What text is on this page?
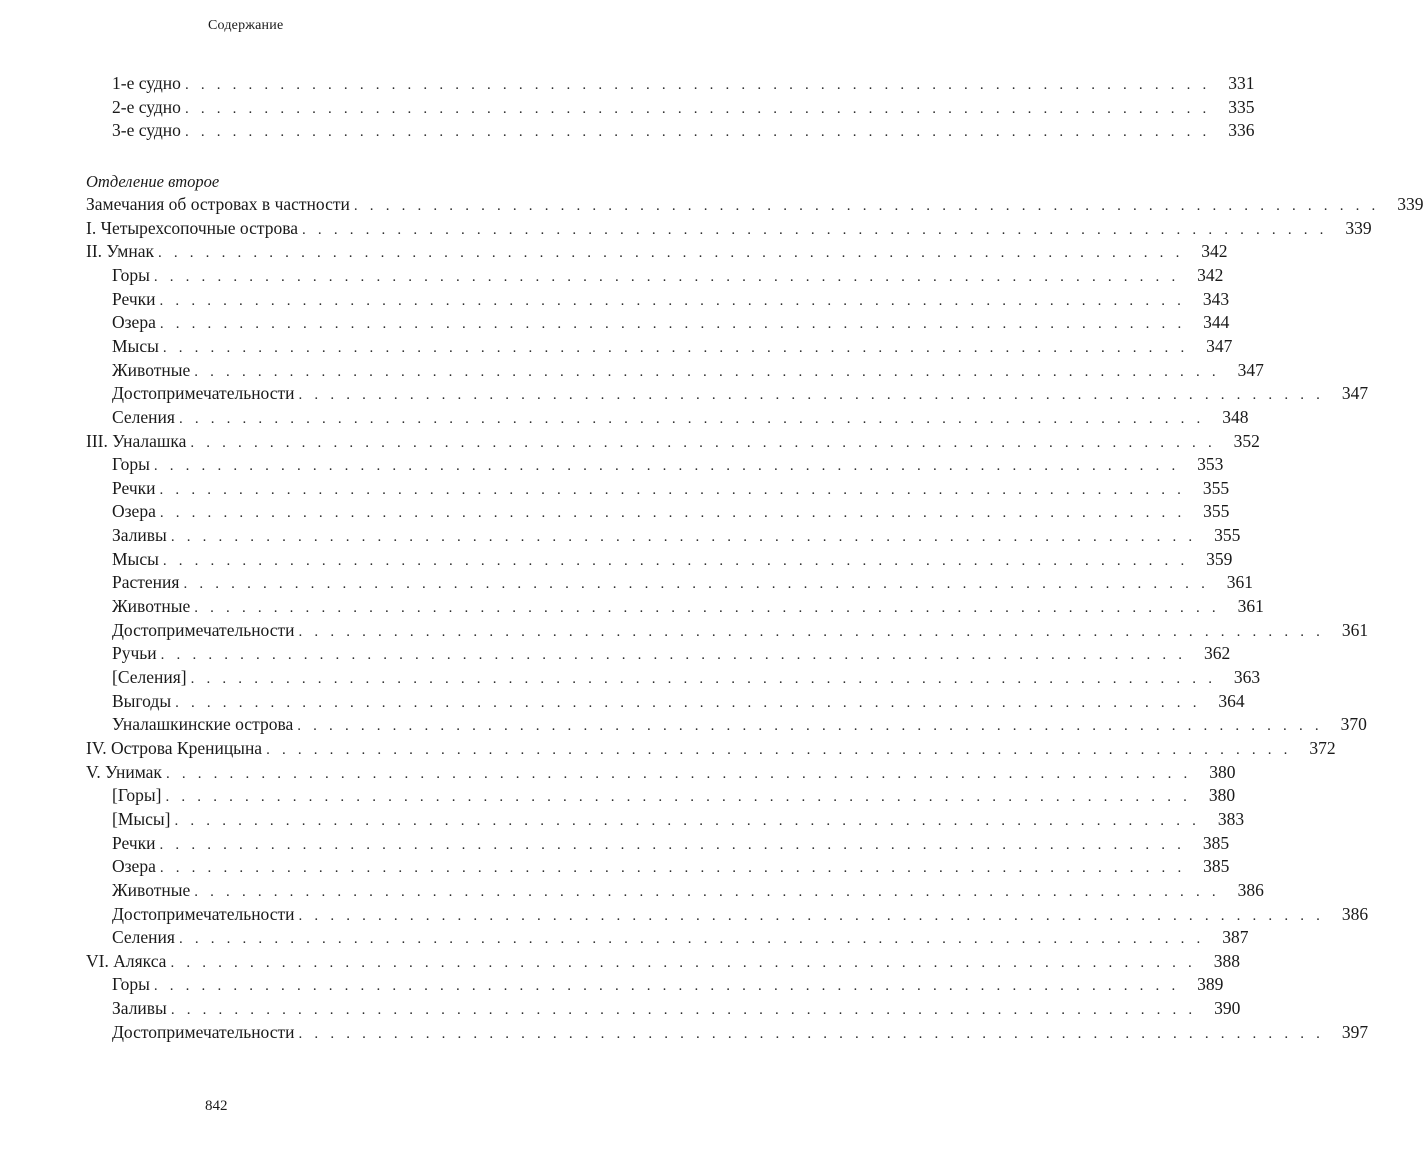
Содержание
1-е судно . . . . . . . . . . . . . . . . . . . . . . . . . . . . . . . . . . . . . . . . . . . . . . . . . . . . . . . . . . . . . . . . .	331
2-е судно . . . . . . . . . . . . . . . . . . . . . . . . . . . . . . . . . . . . . . . . . . . . . . . . . . . . . . . . . . . . . . . . .	335
3-е судно . . . . . . . . . . . . . . . . . . . . . . . . . . . . . . . . . . . . . . . . . . . . . . . . . . . . . . . . . . . . . . . . .	336
Замечания об островах в частности . . . . . . . . . . . . . . . . . . . . . . . . . . . . . . . . . . . . . . . . . . . . . . . . . . . . . . . . . . . . . . . . .	339
I. Четырехсопочные острова . . . . . . . . . . . . . . . . . . . . . . . . . . . . . . . . . . . . . . . . . . . . . . . . . . . . . . . . . . . . . . . . .	339
II. Умнак . . . . . . . . . . . . . . . . . . . . . . . . . . . . . . . . . . . . . . . . . . . . . . . . . . . . . . . . . . . . . . . . .	342
Горы . . . . . . . . . . . . . . . . . . . . . . . . . . . . . . . . . . . . . . . . . . . . . . . . . . . . . . . . . . . . . . . . .	342
Речки . . . . . . . . . . . . . . . . . . . . . . . . . . . . . . . . . . . . . . . . . . . . . . . . . . . . . . . . . . . . . . . . .	343
Озера . . . . . . . . . . . . . . . . . . . . . . . . . . . . . . . . . . . . . . . . . . . . . . . . . . . . . . . . . . . . . . . . .	344
Мысы . . . . . . . . . . . . . . . . . . . . . . . . . . . . . . . . . . . . . . . . . . . . . . . . . . . . . . . . . . . . . . . . .	347
Животные . . . . . . . . . . . . . . . . . . . . . . . . . . . . . . . . . . . . . . . . . . . . . . . . . . . . . . . . . . . . . . . . .	347
Достопримечательности . . . . . . . . . . . . . . . . . . . . . . . . . . . . . . . . . . . . . . . . . . . . . . . . . . . . . . . . . . . . . . . . .	347
Селения . . . . . . . . . . . . . . . . . . . . . . . . . . . . . . . . . . . . . . . . . . . . . . . . . . . . . . . . . . . . . . . . .	348
III. Уналашка . . . . . . . . . . . . . . . . . . . . . . . . . . . . . . . . . . . . . . . . . . . . . . . . . . . . . . . . . . . . . . . . .	352
Горы . . . . . . . . . . . . . . . . . . . . . . . . . . . . . . . . . . . . . . . . . . . . . . . . . . . . . . . . . . . . . . . . .	353
Речки . . . . . . . . . . . . . . . . . . . . . . . . . . . . . . . . . . . . . . . . . . . . . . . . . . . . . . . . . . . . . . . . .	355
Озера . . . . . . . . . . . . . . . . . . . . . . . . . . . . . . . . . . . . . . . . . . . . . . . . . . . . . . . . . . . . . . . . .	355
Заливы . . . . . . . . . . . . . . . . . . . . . . . . . . . . . . . . . . . . . . . . . . . . . . . . . . . . . . . . . . . . . . . . .	355
Мысы . . . . . . . . . . . . . . . . . . . . . . . . . . . . . . . . . . . . . . . . . . . . . . . . . . . . . . . . . . . . . . . . .	359
Растения . . . . . . . . . . . . . . . . . . . . . . . . . . . . . . . . . . . . . . . . . . . . . . . . . . . . . . . . . . . . . . . . .	361
Животные . . . . . . . . . . . . . . . . . . . . . . . . . . . . . . . . . . . . . . . . . . . . . . . . . . . . . . . . . . . . . . . . .	361
Достопримечательности . . . . . . . . . . . . . . . . . . . . . . . . . . . . . . . . . . . . . . . . . . . . . . . . . . . . . . . . . . . . . . . . .	361
Ручьи . . . . . . . . . . . . . . . . . . . . . . . . . . . . . . . . . . . . . . . . . . . . . . . . . . . . . . . . . . . . . . . . .	362
[Селения] . . . . . . . . . . . . . . . . . . . . . . . . . . . . . . . . . . . . . . . . . . . . . . . . . . . . . . . . . . . . . . . . .	363
Выгоды . . . . . . . . . . . . . . . . . . . . . . . . . . . . . . . . . . . . . . . . . . . . . . . . . . . . . . . . . . . . . . . . .	364
Уналашкинские острова . . . . . . . . . . . . . . . . . . . . . . . . . . . . . . . . . . . . . . . . . . . . . . . . . . . . . . . . . . . . . . . . .	370
IV. Острова Креницына . . . . . . . . . . . . . . . . . . . . . . . . . . . . . . . . . . . . . . . . . . . . . . . . . . . . . . . . . . . . . . . . .	372
V. Унимак . . . . . . . . . . . . . . . . . . . . . . . . . . . . . . . . . . . . . . . . . . . . . . . . . . . . . . . . . . . . . . . . .	380
[Горы] . . . . . . . . . . . . . . . . . . . . . . . . . . . . . . . . . . . . . . . . . . . . . . . . . . . . . . . . . . . . . . . . .	380
[Мысы] . . . . . . . . . . . . . . . . . . . . . . . . . . . . . . . . . . . . . . . . . . . . . . . . . . . . . . . . . . . . . . . . .	383
Речки . . . . . . . . . . . . . . . . . . . . . . . . . . . . . . . . . . . . . . . . . . . . . . . . . . . . . . . . . . . . . . . . .	385
Озера . . . . . . . . . . . . . . . . . . . . . . . . . . . . . . . . . . . . . . . . . . . . . . . . . . . . . . . . . . . . . . . . .	385
Животные . . . . . . . . . . . . . . . . . . . . . . . . . . . . . . . . . . . . . . . . . . . . . . . . . . . . . . . . . . . . . . . . .	386
Достопримечательности . . . . . . . . . . . . . . . . . . . . . . . . . . . . . . . . . . . . . . . . . . . . . . . . . . . . . . . . . . . . . . . . .	386
Селения . . . . . . . . . . . . . . . . . . . . . . . . . . . . . . . . . . . . . . . . . . . . . . . . . . . . . . . . . . . . . . . . .	387
VI. Алякса . . . . . . . . . . . . . . . . . . . . . . . . . . . . . . . . . . . . . . . . . . . . . . . . . . . . . . . . . . . . . . . . .	388
Горы . . . . . . . . . . . . . . . . . . . . . . . . . . . . . . . . . . . . . . . . . . . . . . . . . . . . . . . . . . . . . . . . .	389
Заливы . . . . . . . . . . . . . . . . . . . . . . . . . . . . . . . . . . . . . . . . . . . . . . . . . . . . . . . . . . . . . . . . .	390
Достопримечательности . . . . . . . . . . . . . . . . . . . . . . . . . . . . . . . . . . . . . . . . . . . . . . . . . . . . . . . . . . . . . . . . .	397
Отделение второе
842
